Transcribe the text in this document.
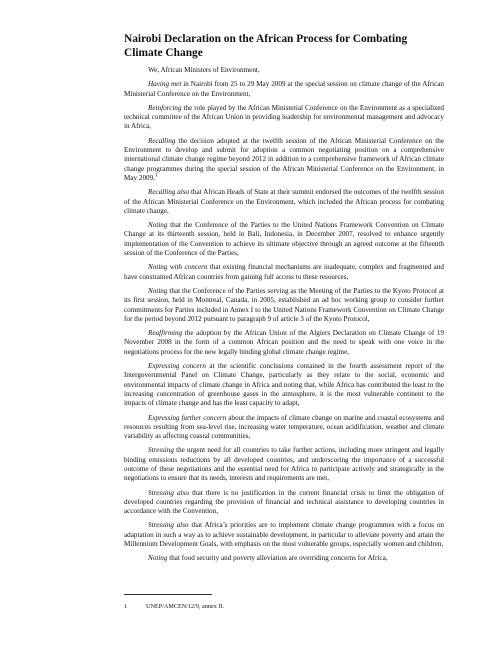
Nairobi Declaration on the African Process for Combating Climate Change

We, African Ministers of Environment,

Having met in Nairobi from 25 to 29 May 2009 at the special session on climate change of the African Ministerial Conference on the Environment,

Reinforcing the role played by the African Ministerial Conference on the Environment as a specialized technical committee of the African Union in providing leadership for environmental management and advocacy in Africa,

Recalling the decision adopted at the twelfth session of the African Ministerial Conference on the Environment to develop and submit for adoption a common negotiating position on a comprehensive international climate change regime beyond 2012 in addition to a comprehensive framework of African climate change programmes during the special session of the African Ministerial Conference on the Environment, in May 2009,$^1$

Recalling also that African Heads of State at their summit endorsed the outcomes of the twelfth session of the African Ministerial Conference on the Environment, which included the African process for combating climate change,

Noting that the Conference of the Parties to the United Nations Framework Convention on Climate Change at its thirteenth session, held in Bali, Indonesia, in December 2007, resolved to enhance urgently implementation of the Convention to achieve its ultimate objective through an agreed outcome at the fifteenth session of the Conference of the Parties,

Noting with concern that existing financial mechanisms are inadequate, complex and fragmented and have constrained African countries from gaining full access to these resources,

Noting that the Conference of the Parties serving as the Meeting of the Parties to the Kyoto Protocol at its first session, held in Montreal, Canada, in 2005, established an ad hoc working group to consider further commitments for Parties included in Annex I to the United Nations Framework Convention on Climate Change for the period beyond 2012 pursuant to paragraph 9 of article 3 of the Kyoto Protocol,

Reaffirming the adoption by the African Union of the Algiers Declaration on Climate Change of 19 November 2008 in the form of a common African position and the need to speak with one voice in the negotiations process for the new legally binding global climate change regime,

Expressing concern at the scientific conclusions contained in the fourth assessment report of the Intergovernmental Panel on Climate Change, particularly as they relate to the social, economic and environmental impacts of climate change in Africa and noting that, while Africa has contributed the least to the increasing concentration of greenhouse gases in the atmosphere, it is the most vulnerable continent to the impacts of climate change and has the least capacity to adapt,

Expressing further concern about the impacts of climate change on marine and coastal ecosystems and resources resulting from sea-level rise, increasing water temperature, ocean acidification, weather and climate variability as affecting coastal communities,

Stressing the urgent need for all countries to take further actions, including more stringent and legally binding emissions reductions by all developed countries, and underscoring the importance of a successful outcome of these negotiations and the essential need for Africa to participate actively and strategically in the negotiations to ensure that its needs, interests and requirements are met,

Stressing also that there is no justification in the current financial crisis to limit the obligation of developed countries regarding the provision of financial and technical assistance to developing countries in accordance with the Convention,

Stressing also that Africa’s priorities are to implement climate change programmes with a focus on adaptation in such a way as to achieve sustainable development, in particular to alleviate poverty and attain the Millennium Development Goals, with emphasis on the most vulnerable groups, especially women and children,

Noting that food security and poverty alleviation are overriding concerns for Africa,

1	UNEP/AMCEN/12/9, annex II.
